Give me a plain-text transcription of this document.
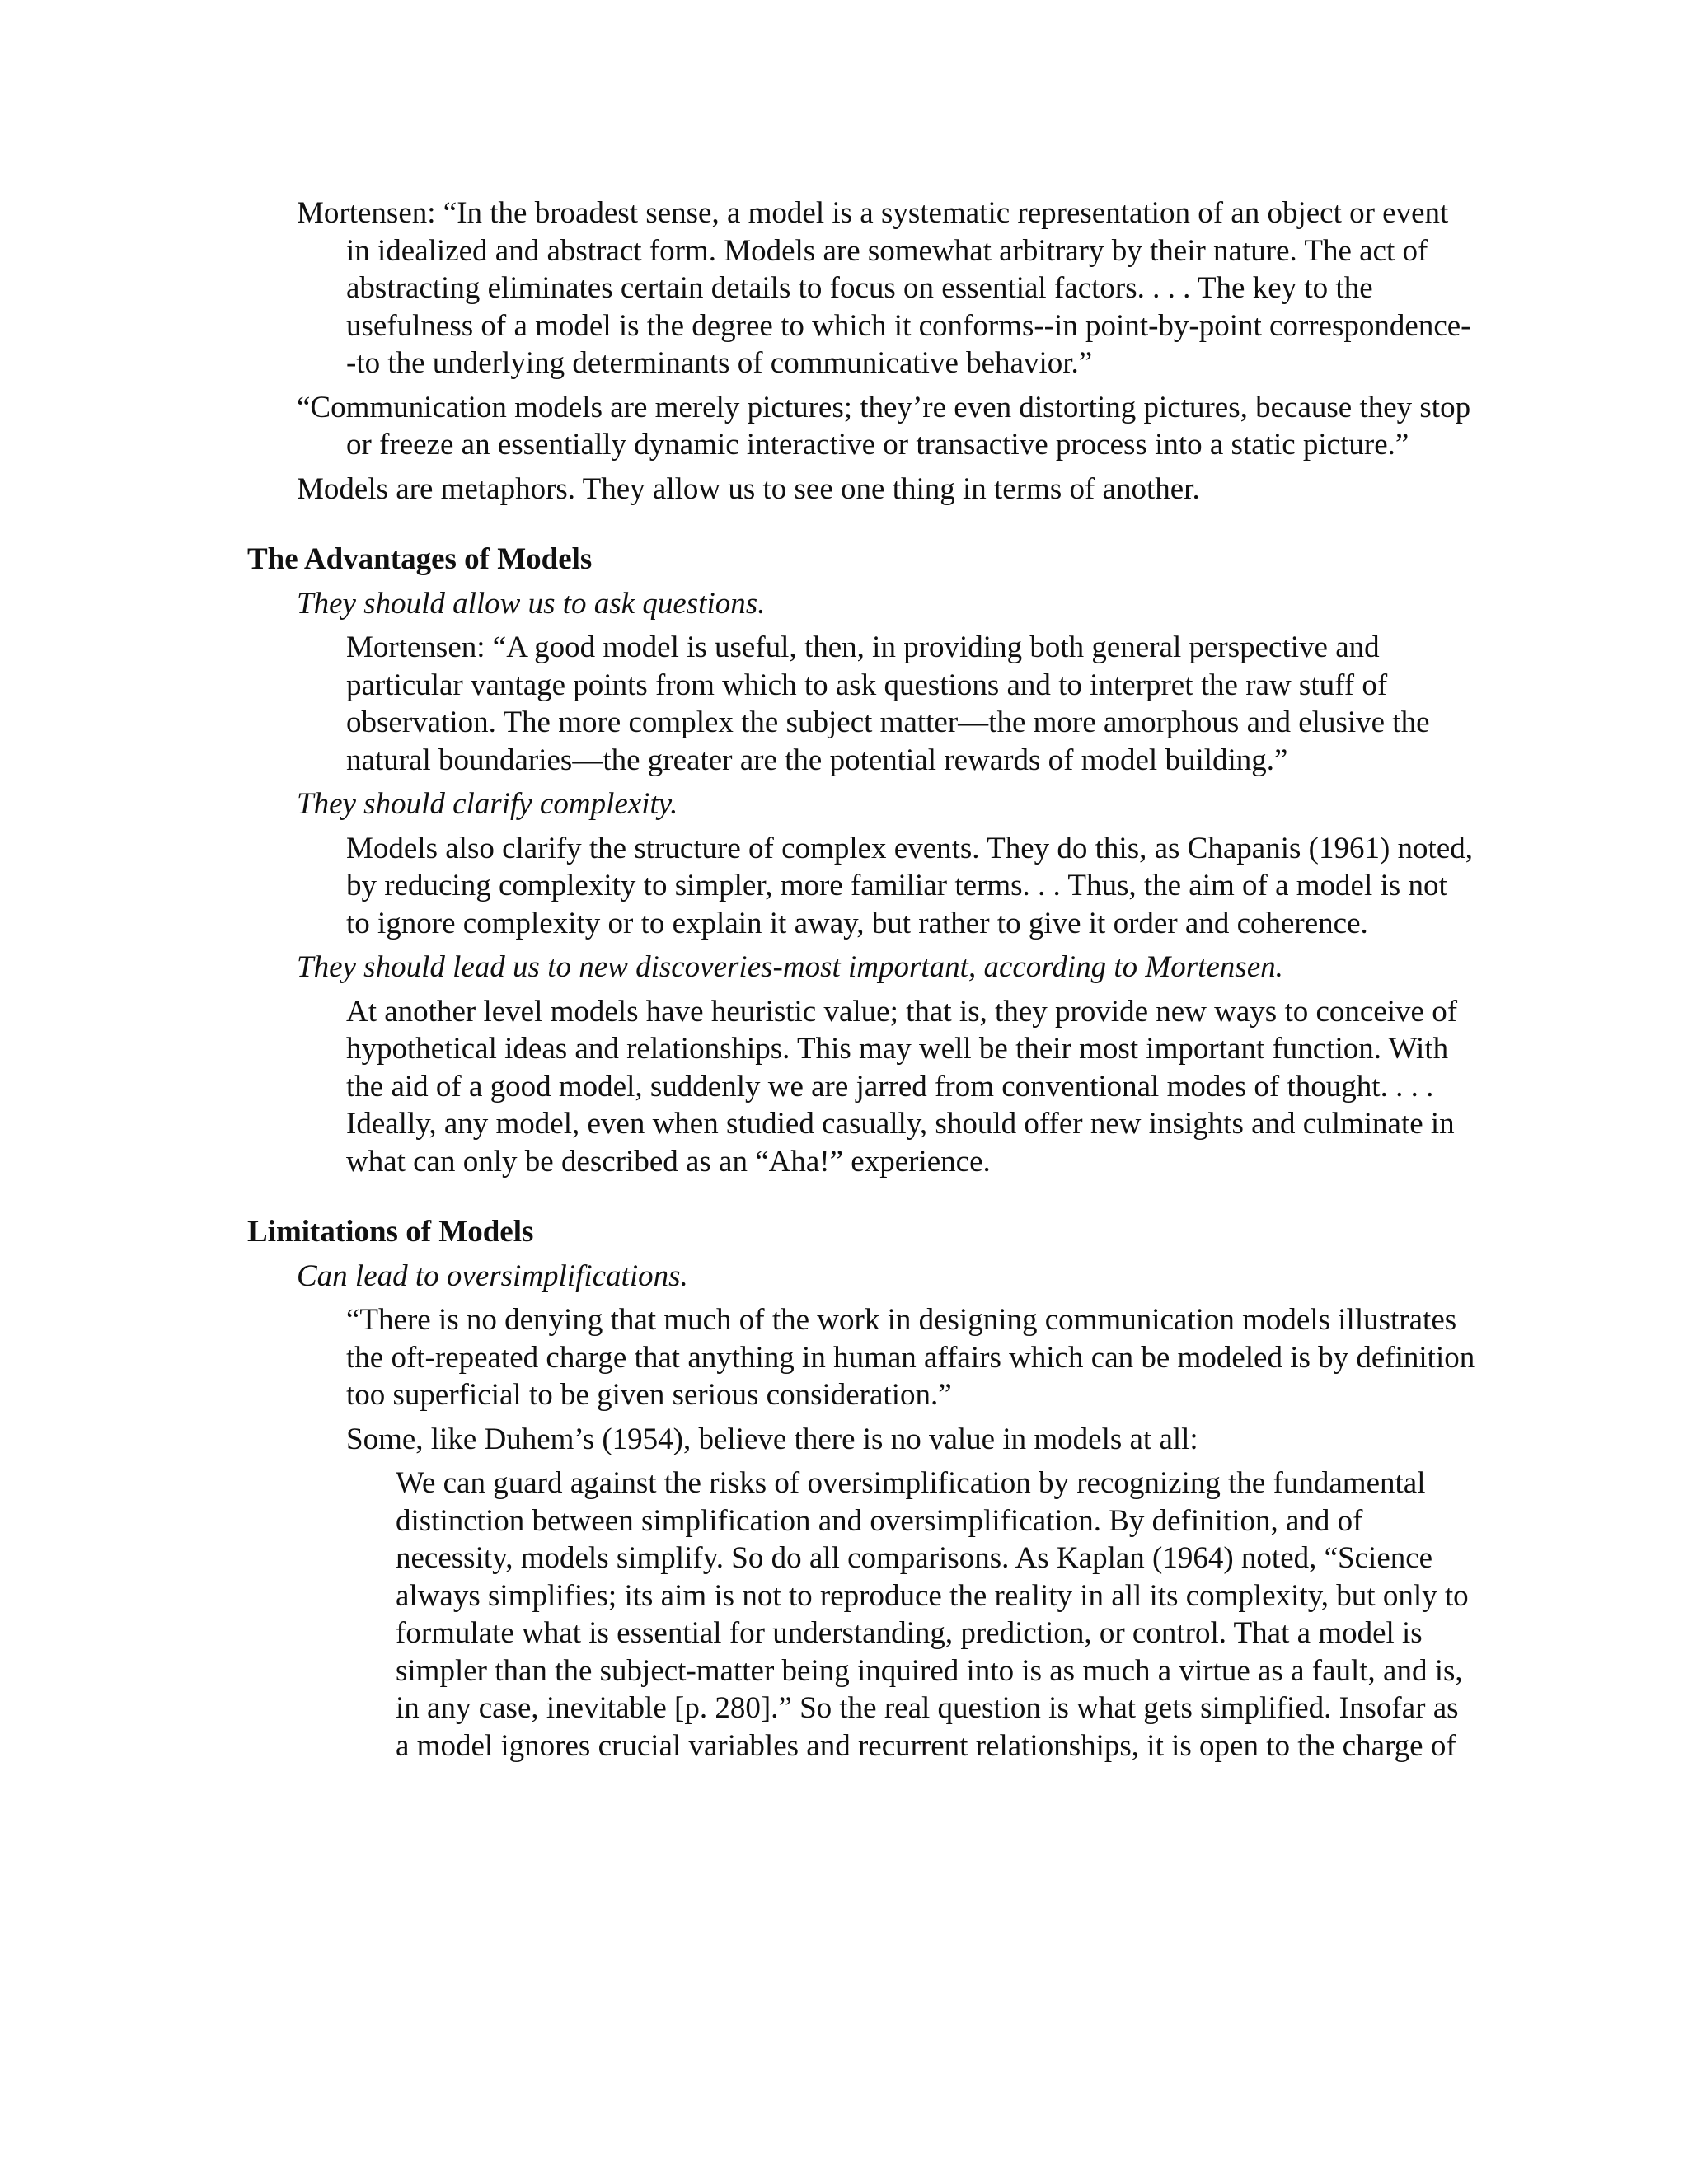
Mortensen: “In the broadest sense, a model is a systematic representation of an object or event in idealized and abstract form. Models are somewhat arbitrary by their nature. The act of abstracting eliminates certain details to focus on essential factors. . . . The key to the usefulness of a model is the degree to which it conforms--in point-by-point correspondence--to the underlying determinants of communicative behavior.”

“Communication models are merely pictures; they’re even distorting pictures, because they stop or freeze an essentially dynamic interactive or transactive process into a static picture.”

Models are metaphors. They allow us to see one thing in terms of another.

The Advantages of Models

They should allow us to ask questions.

Mortensen: “A good model is useful, then, in providing both general perspective and particular vantage points from which to ask questions and to interpret the raw stuff of observation. The more complex the subject matter—the more amorphous and elusive the natural boundaries—the greater are the potential rewards of model building.”

They should clarify complexity.

Models also clarify the structure of complex events. They do this, as Chapanis (1961) noted, by reducing complexity to simpler, more familiar terms. . . Thus, the aim of a model is not to ignore complexity or to explain it away, but rather to give it order and coherence.

They should lead us to new discoveries-most important, according to Mortensen.

At another level models have heuristic value; that is, they provide new ways to conceive of hypothetical ideas and relationships. This may well be their most important function. With the aid of a good model, suddenly we are jarred from conventional modes of thought. . . . Ideally, any model, even when studied casually, should offer new insights and culminate in what can only be described as an “Aha!” experience.

Limitations of Models

Can lead to oversimplifications.

“There is no denying that much of the work in designing communication models illustrates the oft-repeated charge that anything in human affairs which can be modeled is by definition too superficial to be given serious consideration.”

Some, like Duhem’s (1954), believe there is no value in models at all:

We can guard against the risks of oversimplification by recognizing the fundamental distinction between simplification and oversimplification. By definition, and of necessity, models simplify. So do all comparisons. As Kaplan (1964) noted, “Science always simplifies; its aim is not to reproduce the reality in all its complexity, but only to formulate what is essential for understanding, prediction, or control. That a model is simpler than the subject-matter being inquired into is as much a virtue as a fault, and is, in any case, inevitable [p. 280].” So the real question is what gets simplified. Insofar as a model ignores crucial variables and recurrent relationships, it is open to the charge of
